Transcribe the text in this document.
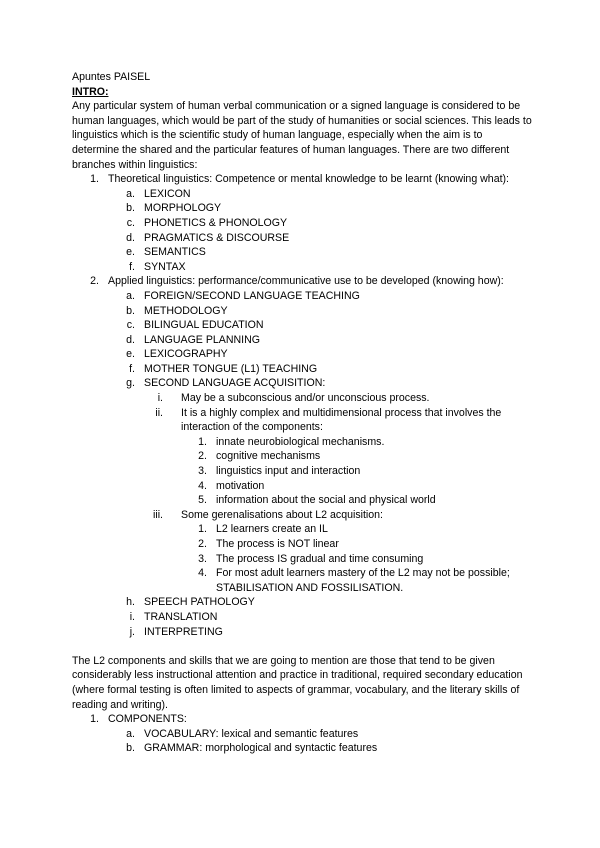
Apuntes PAISEL
INTRO:
Any particular system of human verbal communication or a signed language is considered to be human languages, which would be part of the study of humanities or social sciences. This leads to linguistics which is the scientific study of human language, especially when the aim is to determine the shared and the particular features of human languages. There are two different branches within linguistics:
1. Theoretical linguistics: Competence or mental knowledge to be learnt (knowing what):
a. LEXICON
b. MORPHOLOGY
c. PHONETICS & PHONOLOGY
d. PRAGMATICS & DISCOURSE
e. SEMANTICS
f. SYNTAX
2. Applied linguistics: performance/communicative use to be developed (knowing how):
a. FOREIGN/SECOND LANGUAGE TEACHING
b. METHODOLOGY
c. BILINGUAL EDUCATION
d. LANGUAGE PLANNING
e. LEXICOGRAPHY
f. MOTHER TONGUE (L1) TEACHING
g. SECOND LANGUAGE ACQUISITION:
i. May be a subconscious and/or unconscious process.
ii. It is a highly complex and multidimensional process that involves the interaction of the components:
1. innate neurobiological mechanisms.
2. cognitive mechanisms
3. linguistics input and interaction
4. motivation
5. information about the social and physical world
iii. Some gerenalisations about L2 acquisition:
1. L2 learners create an IL
2. The process is NOT linear
3. The process IS gradual and time consuming
4. For most adult learners mastery of the L2 may not be possible; STABILISATION AND FOSSILISATION.
h. SPEECH PATHOLOGY
i. TRANSLATION
j. INTERPRETING
The L2 components and skills that we are going to mention are those that tend to be given considerably less instructional attention and practice in traditional, required secondary education (where formal testing is often limited to aspects of grammar, vocabulary, and the literary skills of reading and writing).
1. COMPONENTS:
a. VOCABULARY: lexical and semantic features
b. GRAMMAR: morphological and syntactic features
